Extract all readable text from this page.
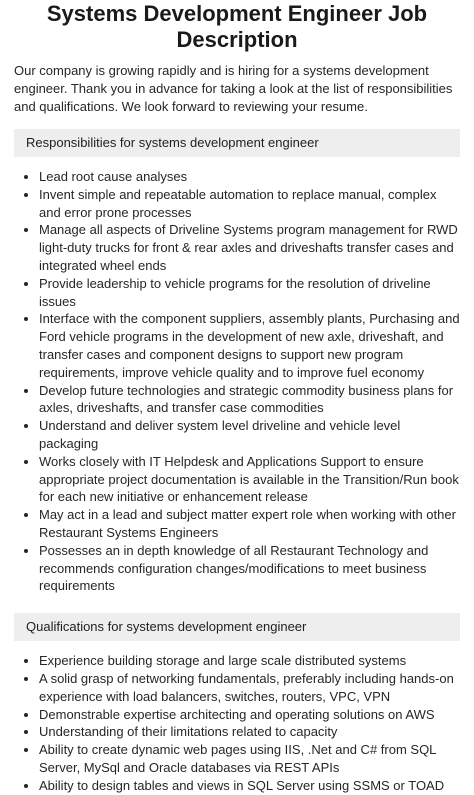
Systems Development Engineer Job
Description

Our company is growing rapidly and is hiring for a systems development engineer. Thank you in advance for taking a look at the list of responsibilities and qualifications. We look forward to reviewing your resume.

Responsibilities for systems development engineer
• Lead root cause analyses
• Invent simple and repeatable automation to replace manual, complex and error prone processes
• Manage all aspects of Driveline Systems program management for RWD light-duty trucks for front & rear axles and driveshafts transfer cases and integrated wheel ends
• Provide leadership to vehicle programs for the resolution of driveline issues
• Interface with the component suppliers, assembly plants, Purchasing and Ford vehicle programs in the development of new axle, driveshaft, and transfer cases and component designs to support new program requirements, improve vehicle quality and to improve fuel economy
• Develop future technologies and strategic commodity business plans for axles, driveshafts, and transfer case commodities
• Understand and deliver system level driveline and vehicle level packaging
• Works closely with IT Helpdesk and Applications Support to ensure appropriate project documentation is available in the Transition/Run book for each new initiative or enhancement release
• May act in a lead and subject matter expert role when working with other Restaurant Systems Engineers
• Possesses an in depth knowledge of all Restaurant Technology and recommends configuration changes/modifications to meet business requirements
Qualifications for systems development engineer
• Experience building storage and large scale distributed systems
• A solid grasp of networking fundamentals, preferably including hands-on experience with load balancers, switches, routers, VPC, VPN
• Demonstrable expertise architecting and operating solutions on AWS
• Understanding of their limitations related to capacity
• Ability to create dynamic web pages using IIS, .Net and C# from SQL Server, MySql and Oracle databases via REST APIs
• Ability to design tables and views in SQL Server using SSMS or TOAD
